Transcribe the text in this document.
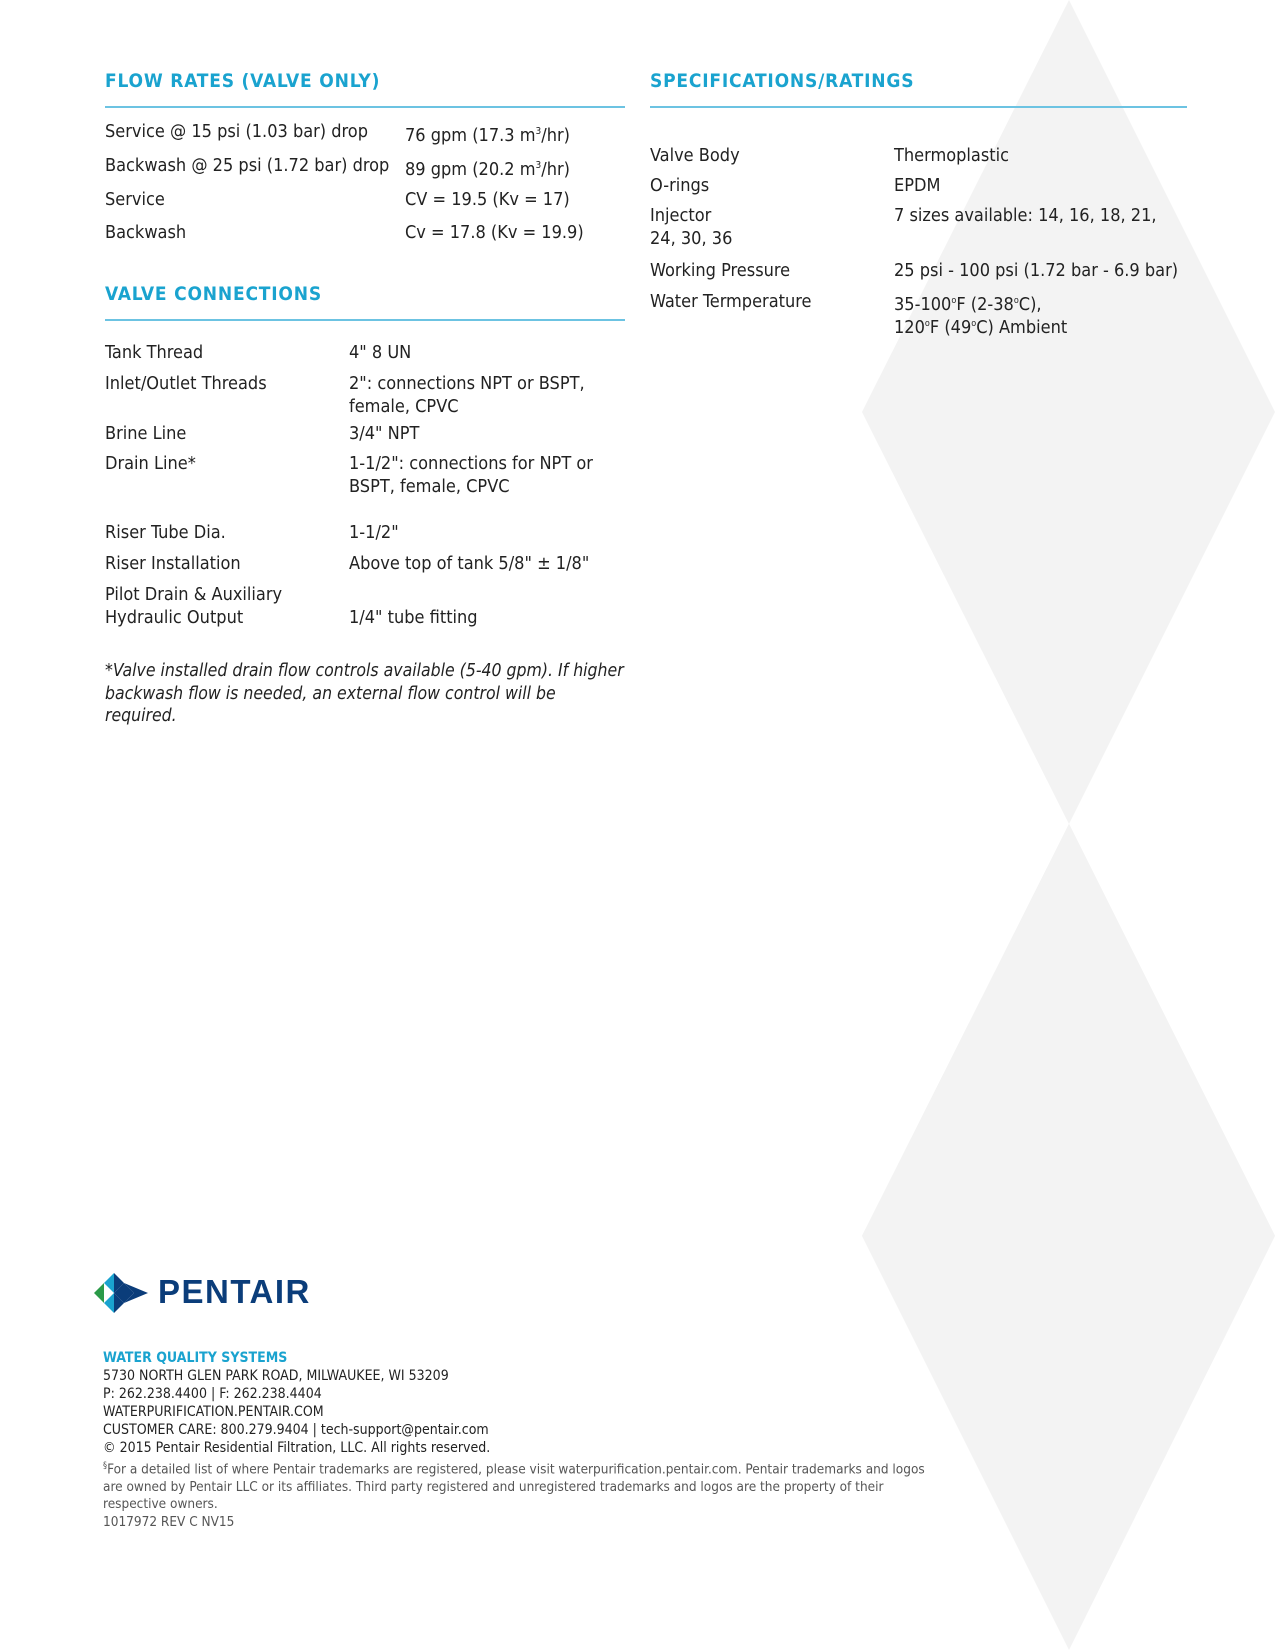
FLOW RATES (VALVE ONLY)
Service @ 15 psi (1.03 bar) drop 76 gpm (17.3 $m^3/hr$)
Backwash @ 25 psi (1.72 bar) drop 89 gpm (20.2 $m^3/hr$)
Service	CV = 19.5 (Kv = 17)
Backwash	Cv = 17.8 (Kv = 19.9)
VALVE CONNECTIONS
Tank Thread	4" 8 UN
Inlet/Outlet Threads	2": connections NPT or BSPT, female, CPVC
Brine Line	3/4" NPT
Drain Line*	1-1/2": connections for NPT or BSPT, female, CPVC
Riser Tube Dia.	1-1/2"
Riser Installation	Above top of tank 5/8" ± 1/8"
Pilot Drain & Auxiliary Hydraulic Output	1/4" tube fitting
*Valve installed drain flow controls available (5-40 gpm). If higher backwash flow is needed, an external flow control will be required.
SPECIFICATIONS/RATINGS
Valve Body	Thermoplastic
O-rings	EPDM
Injector	7 sizes available: 14, 16, 18, 21,
24, 30, 36
Working Pressure	25 psi - 100 psi (1.72 bar - 6.9 bar)
Water Termperature	35-100$^o$F (2-38$^o$C),
120$^o$F (49$^o$C) Ambient
PENTAIR
WATER QUALITY SYSTEMS
5730 NORTH GLEN PARK ROAD, MILWAUKEE, WI 53209
P: 262.238.4400 | F: 262.238.4404
WATERPURIFICATION.PENTAIR.COM
CUSTOMER CARE: 800.279.9404 | tech-support@pentair.com
© 2015 Pentair Residential Filtration, LLC. All rights reserved.
§For a detailed list of where Pentair trademarks are registered, please visit waterpurification.pentair.com. Pentair trademarks and logos are owned by Pentair LLC or its affiliates. Third party registered and unregistered trademarks and logos are the property of their respective owners.
1017972 REV C NV15
